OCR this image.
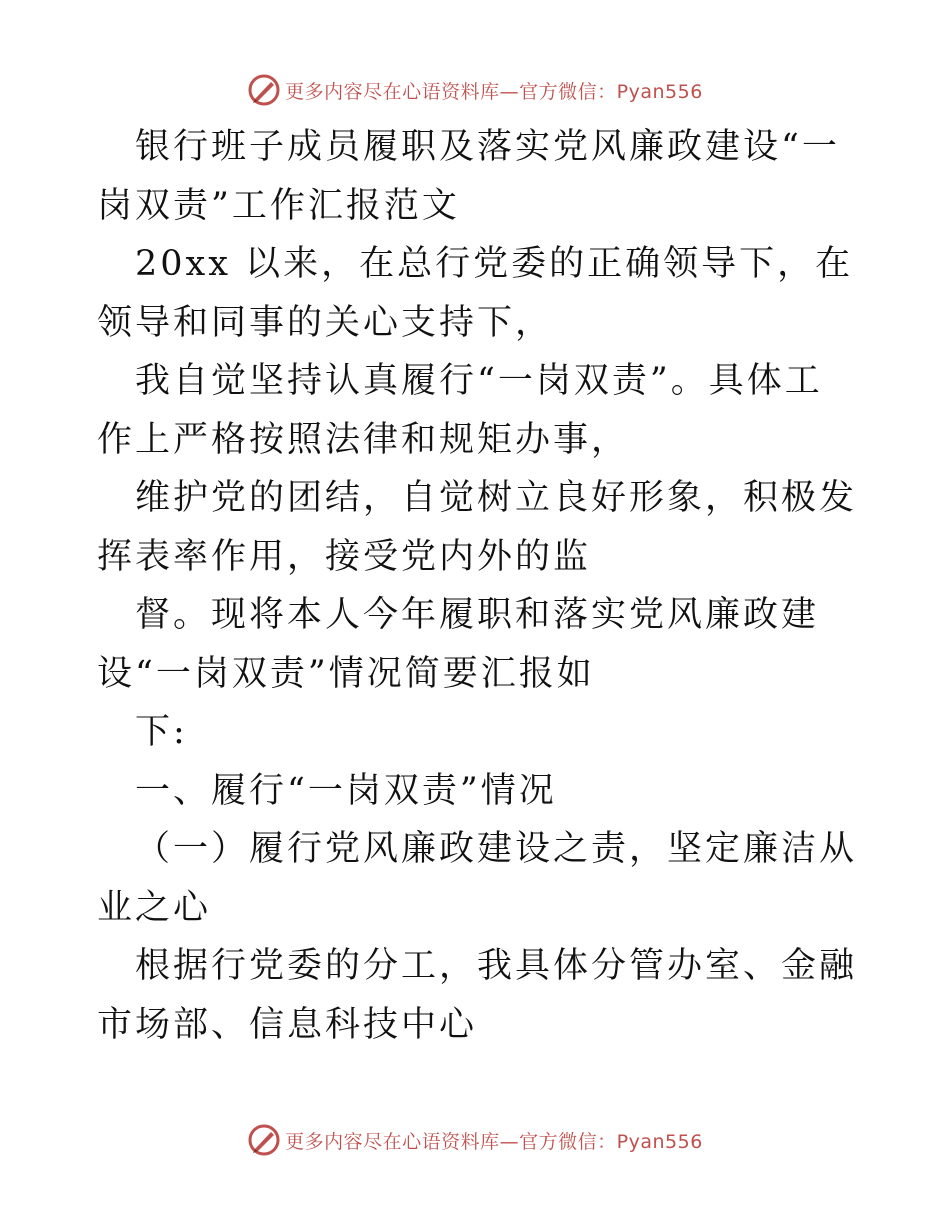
更多内容尽在心语资料库—官方微信：Pyan556

银行班子成员履职及落实党风廉政建设“一岗双责”工作汇报范文

20xx 以来，在总行党委的正确领导下，在领导和同事的关心支持下，

我自觉坚持认真履行“一岗双责”。具体工作上严格按照法律和规矩办事，

维护党的团结，自觉树立良好形象，积极发挥表率作用，接受党内外的监

督。现将本人今年履职和落实党风廉政建设“一岗双责”情况简要汇报如

下:

一、履行“一岗双责”情况

（一）履行党风廉政建设之责，坚定廉洁从业之心

根据行党委的分工，我具体分管办室、金融市场部、信息科技中心

更多内容尽在心语资料库—官方微信：Pyan556
